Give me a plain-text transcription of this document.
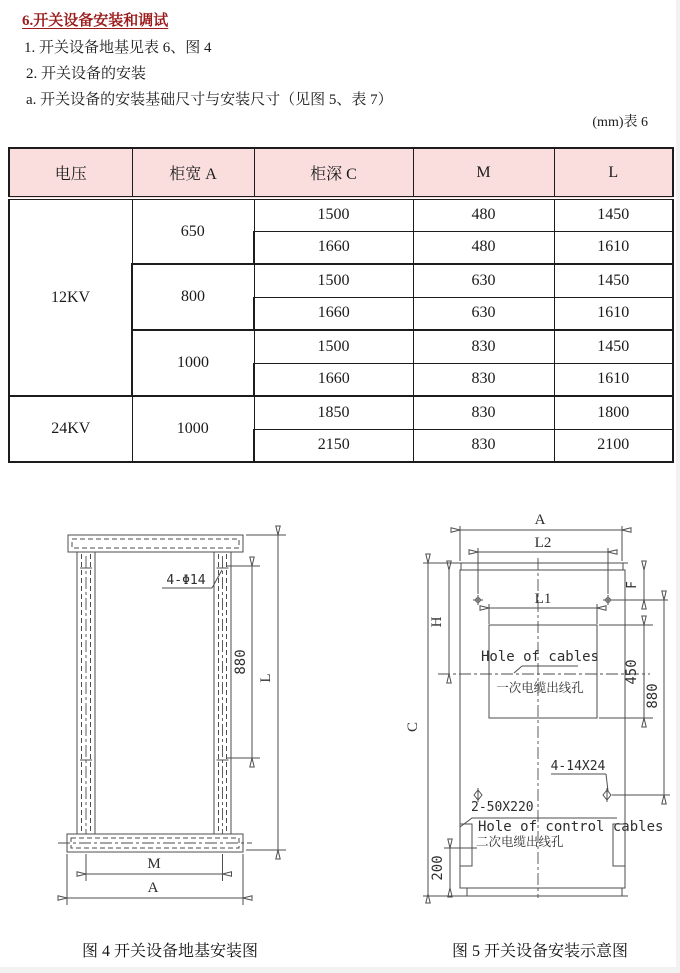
6.开关设备安装和调试
1. 开关设备地基见表 6、图 4
2. 开关设备的安装
a. 开关设备的安装基础尺寸与安装尺寸（见图 5、表 7）
(mm)表 6
电压	柜宽 A	柜深 C	M	L
12KV	650	1500	480	1450
		1660	480	1610
	800	1500	630	1450
		1660	630	1610
	1000	1500	830	1450
		1660	830	1610
24KV	1000	1850	830	1800
		2150	830	2100
4-Φ14
880
L
M
A
A
L2
L1
Hole of cables
一次电缆出线孔
F
450
880
H
C
4-14X24
2-50X220
Hole of control cables
二次电缆出线孔
200
图 4 开关设备地基安装图	图 5 开关设备安装示意图
